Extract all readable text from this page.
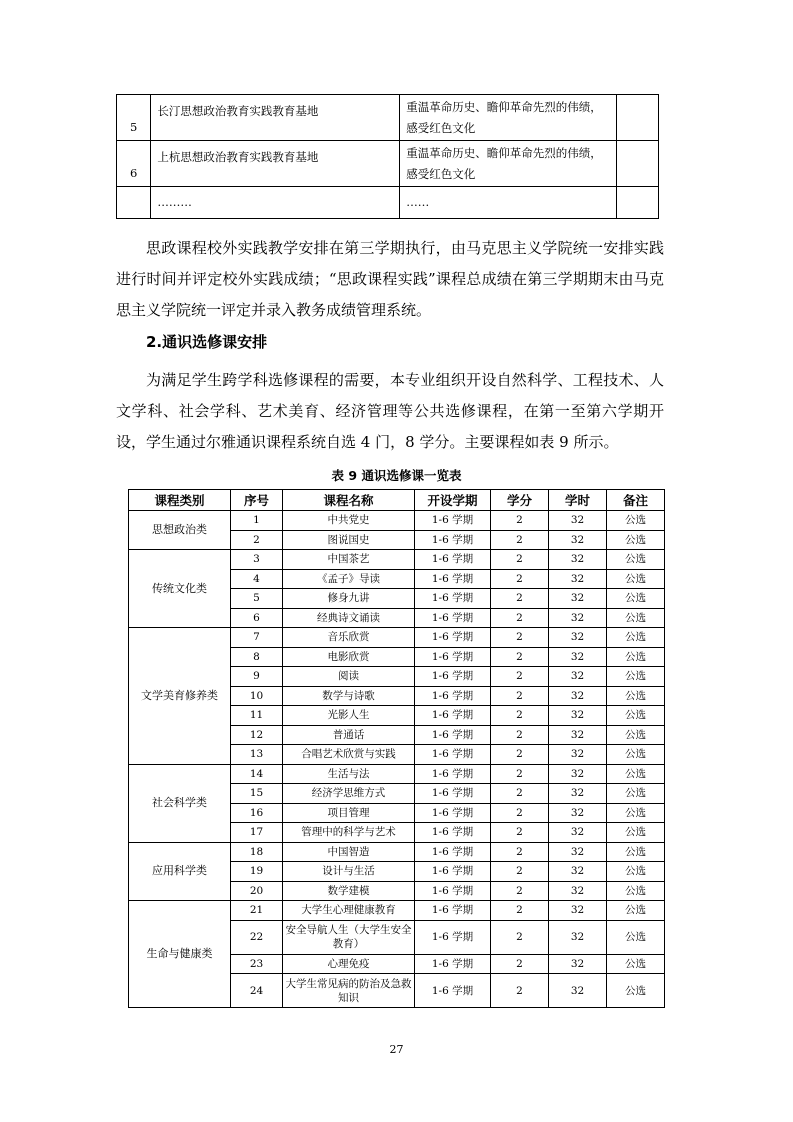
5	长汀思想政治教育实践教育基地	重温革命历史、瞻仰革命先烈的伟绩，感受红色文化	
6	上杭思想政治教育实践教育基地	重温革命历史、瞻仰革命先烈的伟绩，感受红色文化	
	………	……	

思政课程校外实践教学安排在第三学期执行，由马克思主义学院统一安排实践进行时间并评定校外实践成绩；“思政课程实践”课程总成绩在第三学期期末由马克思主义学院统一评定并录入教务成绩管理系统。

2.通识选修课安排

为满足学生跨学科选修课程的需要，本专业组织开设自然科学、工程技术、人文学科、社会学科、艺术美育、经济管理等公共选修课程，在第一至第六学期开设，学生通过尔雅通识课程系统自选 4 门，8 学分。主要课程如表 9 所示。

表 9 通识选修课一览表
课程类别	序号	课程名称	开设学期	学分	学时	备注
思想政治类	1	中共党史	1-6 学期	2	32	公选
	2	图说国史	1-6 学期	2	32	公选
传统文化类	3	中国茶艺	1-6 学期	2	32	公选
	4	《孟子》导读	1-6 学期	2	32	公选
	5	修身九讲	1-6 学期	2	32	公选
	6	经典诗文诵读	1-6 学期	2	32	公选
文学美育修养类	7	音乐欣赏	1-6 学期	2	32	公选
	8	电影欣赏	1-6 学期	2	32	公选
	9	阅读	1-6 学期	2	32	公选
	10	数学与诗歌	1-6 学期	2	32	公选
	11	光影人生	1-6 学期	2	32	公选
	12	普通话	1-6 学期	2	32	公选
	13	合唱艺术欣赏与实践	1-6 学期	2	32	公选
社会科学类	14	生活与法	1-6 学期	2	32	公选
	15	经济学思维方式	1-6 学期	2	32	公选
	16	项目管理	1-6 学期	2	32	公选
	17	管理中的科学与艺术	1-6 学期	2	32	公选
应用科学类	18	中国智造	1-6 学期	2	32	公选
	19	设计与生活	1-6 学期	2	32	公选
	20	数学建模	1-6 学期	2	32	公选
生命与健康类	21	大学生心理健康教育	1-6 学期	2	32	公选
	22	安全导航人生（大学生安全教育）	1-6 学期	2	32	公选
	23	心理免疫	1-6 学期	2	32	公选
	24	大学生常见病的防治及急救知识	1-6 学期	2	32	公选
27
